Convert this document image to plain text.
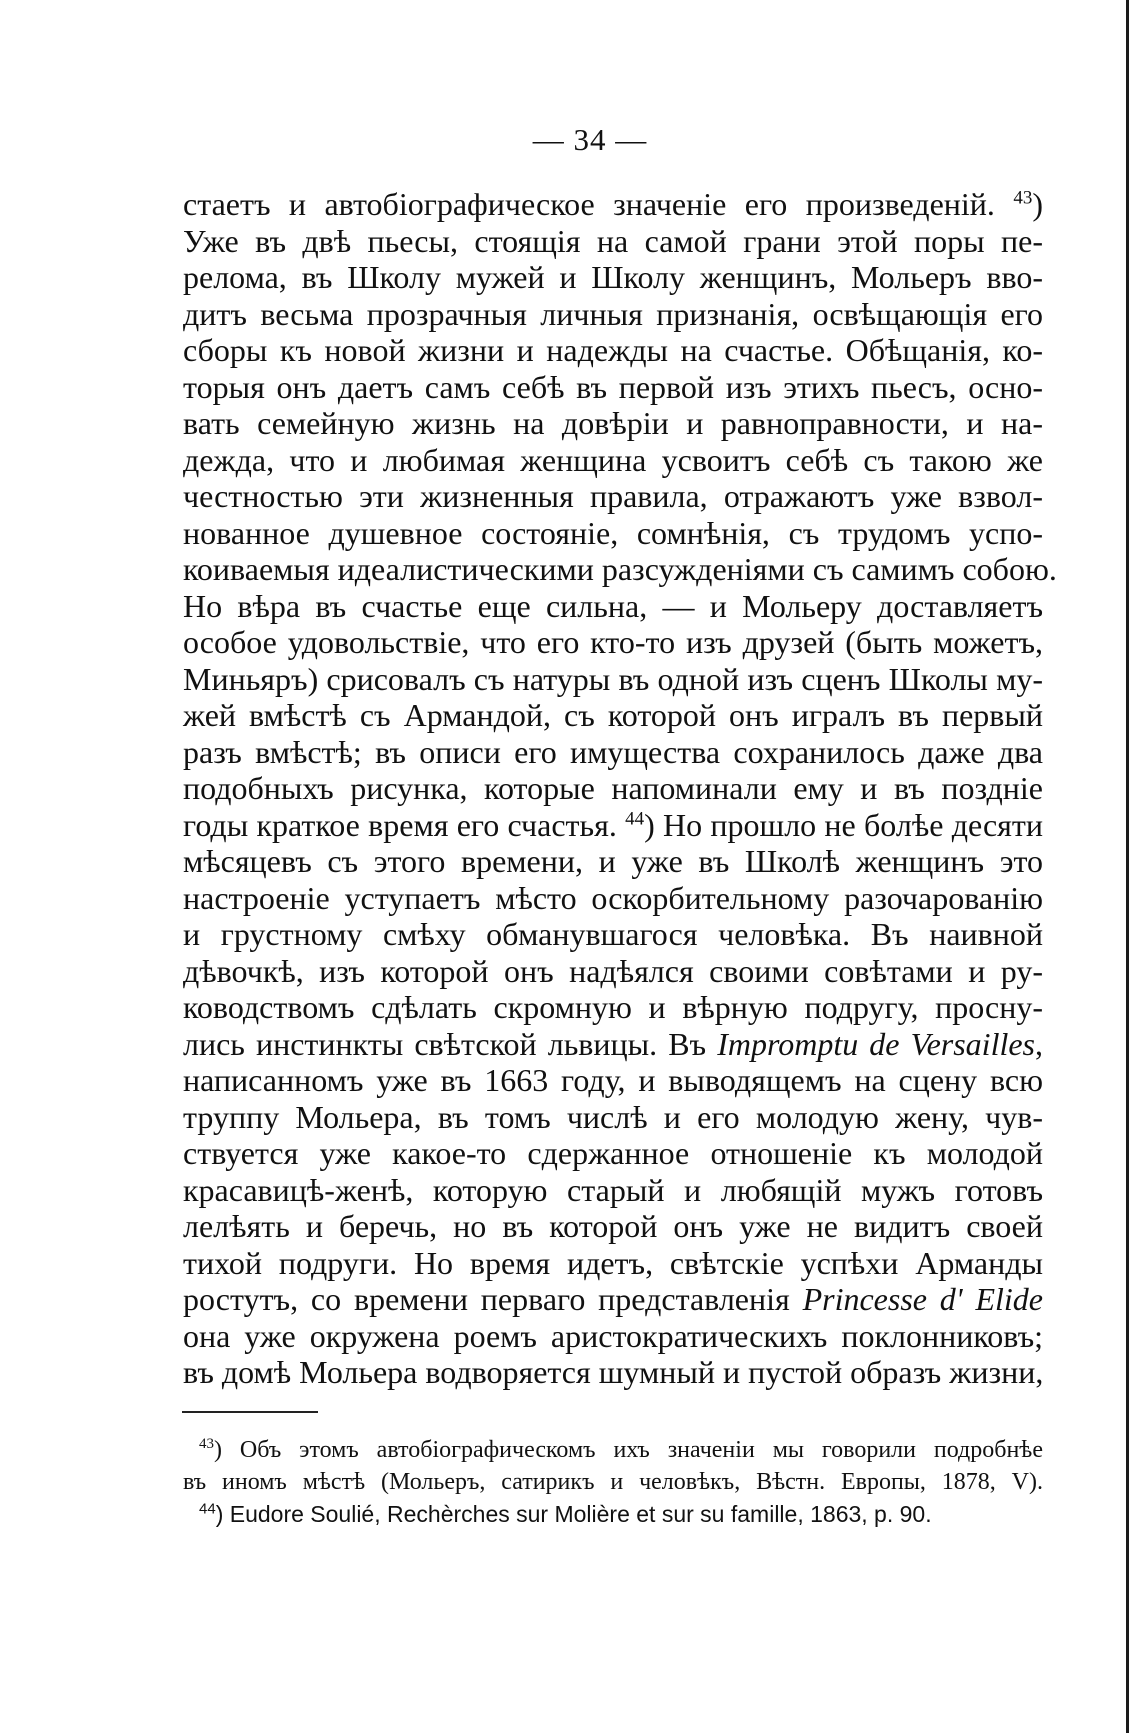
— 34 —
стаетъ и автобіографическое значеніе его произведеній. $^{43}$)
Уже въ двѣ пьесы, стоящія на самой грани этой поры пе-
релома, въ Школу мужей и Школу женщинъ, Мольеръ вво-
дитъ весьма прозрачныя личныя признанія, освѣщающія его
сборы къ новой жизни и надежды на счастье. Обѣщанія, ко-
торыя онъ даетъ самъ себѣ въ первой изъ этихъ пьесъ, осно-
вать семейную жизнь на довѣріи и равноправности, и на-
дежда, что и любимая женщина усвоитъ себѣ съ такою же
честностью эти жизненныя правила, отражаютъ уже взвол-
нованное душевное состояніе, сомнѣнія, съ трудомъ успо-
коиваемыя идеалистическими разсужденіями съ самимъ собою.
Но вѣра въ счастье еще сильна, — и Мольеру доставляетъ
особое удовольствіе, что его кто-то изъ друзей (быть можетъ,
Миньяръ) срисовалъ съ натуры въ одной изъ сценъ Школы му-
жей вмѣстѣ съ Армандой, съ которой онъ игралъ въ первый
разъ вмѣстѣ; въ описи его имущества сохранилось даже два
подобныхъ рисунка, которые напоминали ему и въ поздніе
годы краткое время его счастья. $^{44}$) Но прошло не болѣе десяти
мѣсяцевъ съ этого времени, и уже въ Школѣ женщинъ это
настроеніе уступаетъ мѣсто оскорбительному разочарованію
и грустному смѣху обманувшагося человѣка. Въ наивной
дѣвочкѣ, изъ которой онъ надѣялся своими совѣтами и ру-
ководствомъ сдѣлать скромную и вѣрную подругу, просну-
лись инстинкты свѣтской львицы. Въ Impromptu de Versailles,
написанномъ уже въ 1663 году, и выводящемъ на сцену всю
труппу Мольера, въ томъ числѣ и его молодую жену, чув-
ствуется уже какое-то сдержанное отношеніе къ молодой
красавицѣ-женѣ, которую старый и любящій мужъ готовъ
лелѣять и беречь, но въ которой онъ уже не видитъ своей
тихой подруги. Но время идетъ, свѣтскіе успѣхи Арманды
ростутъ, со времени перваго представленія Princesse d' Elide
она уже окружена роемъ аристократическихъ поклонниковъ;
въ домѣ Мольера водворяется шумный и пустой образъ жизни,
$^{43}$) Объ этомъ автобіографическомъ ихъ значеніи мы говорили подробнѣе
въ иномъ мѣстѣ (Мольеръ, сатирикъ и человѣкъ, Вѣстн. Европы, 1878, V).
$^{44}$) Eudore Soulié, Rechèrches sur Molière et sur su famille, 1863, p. 90.
